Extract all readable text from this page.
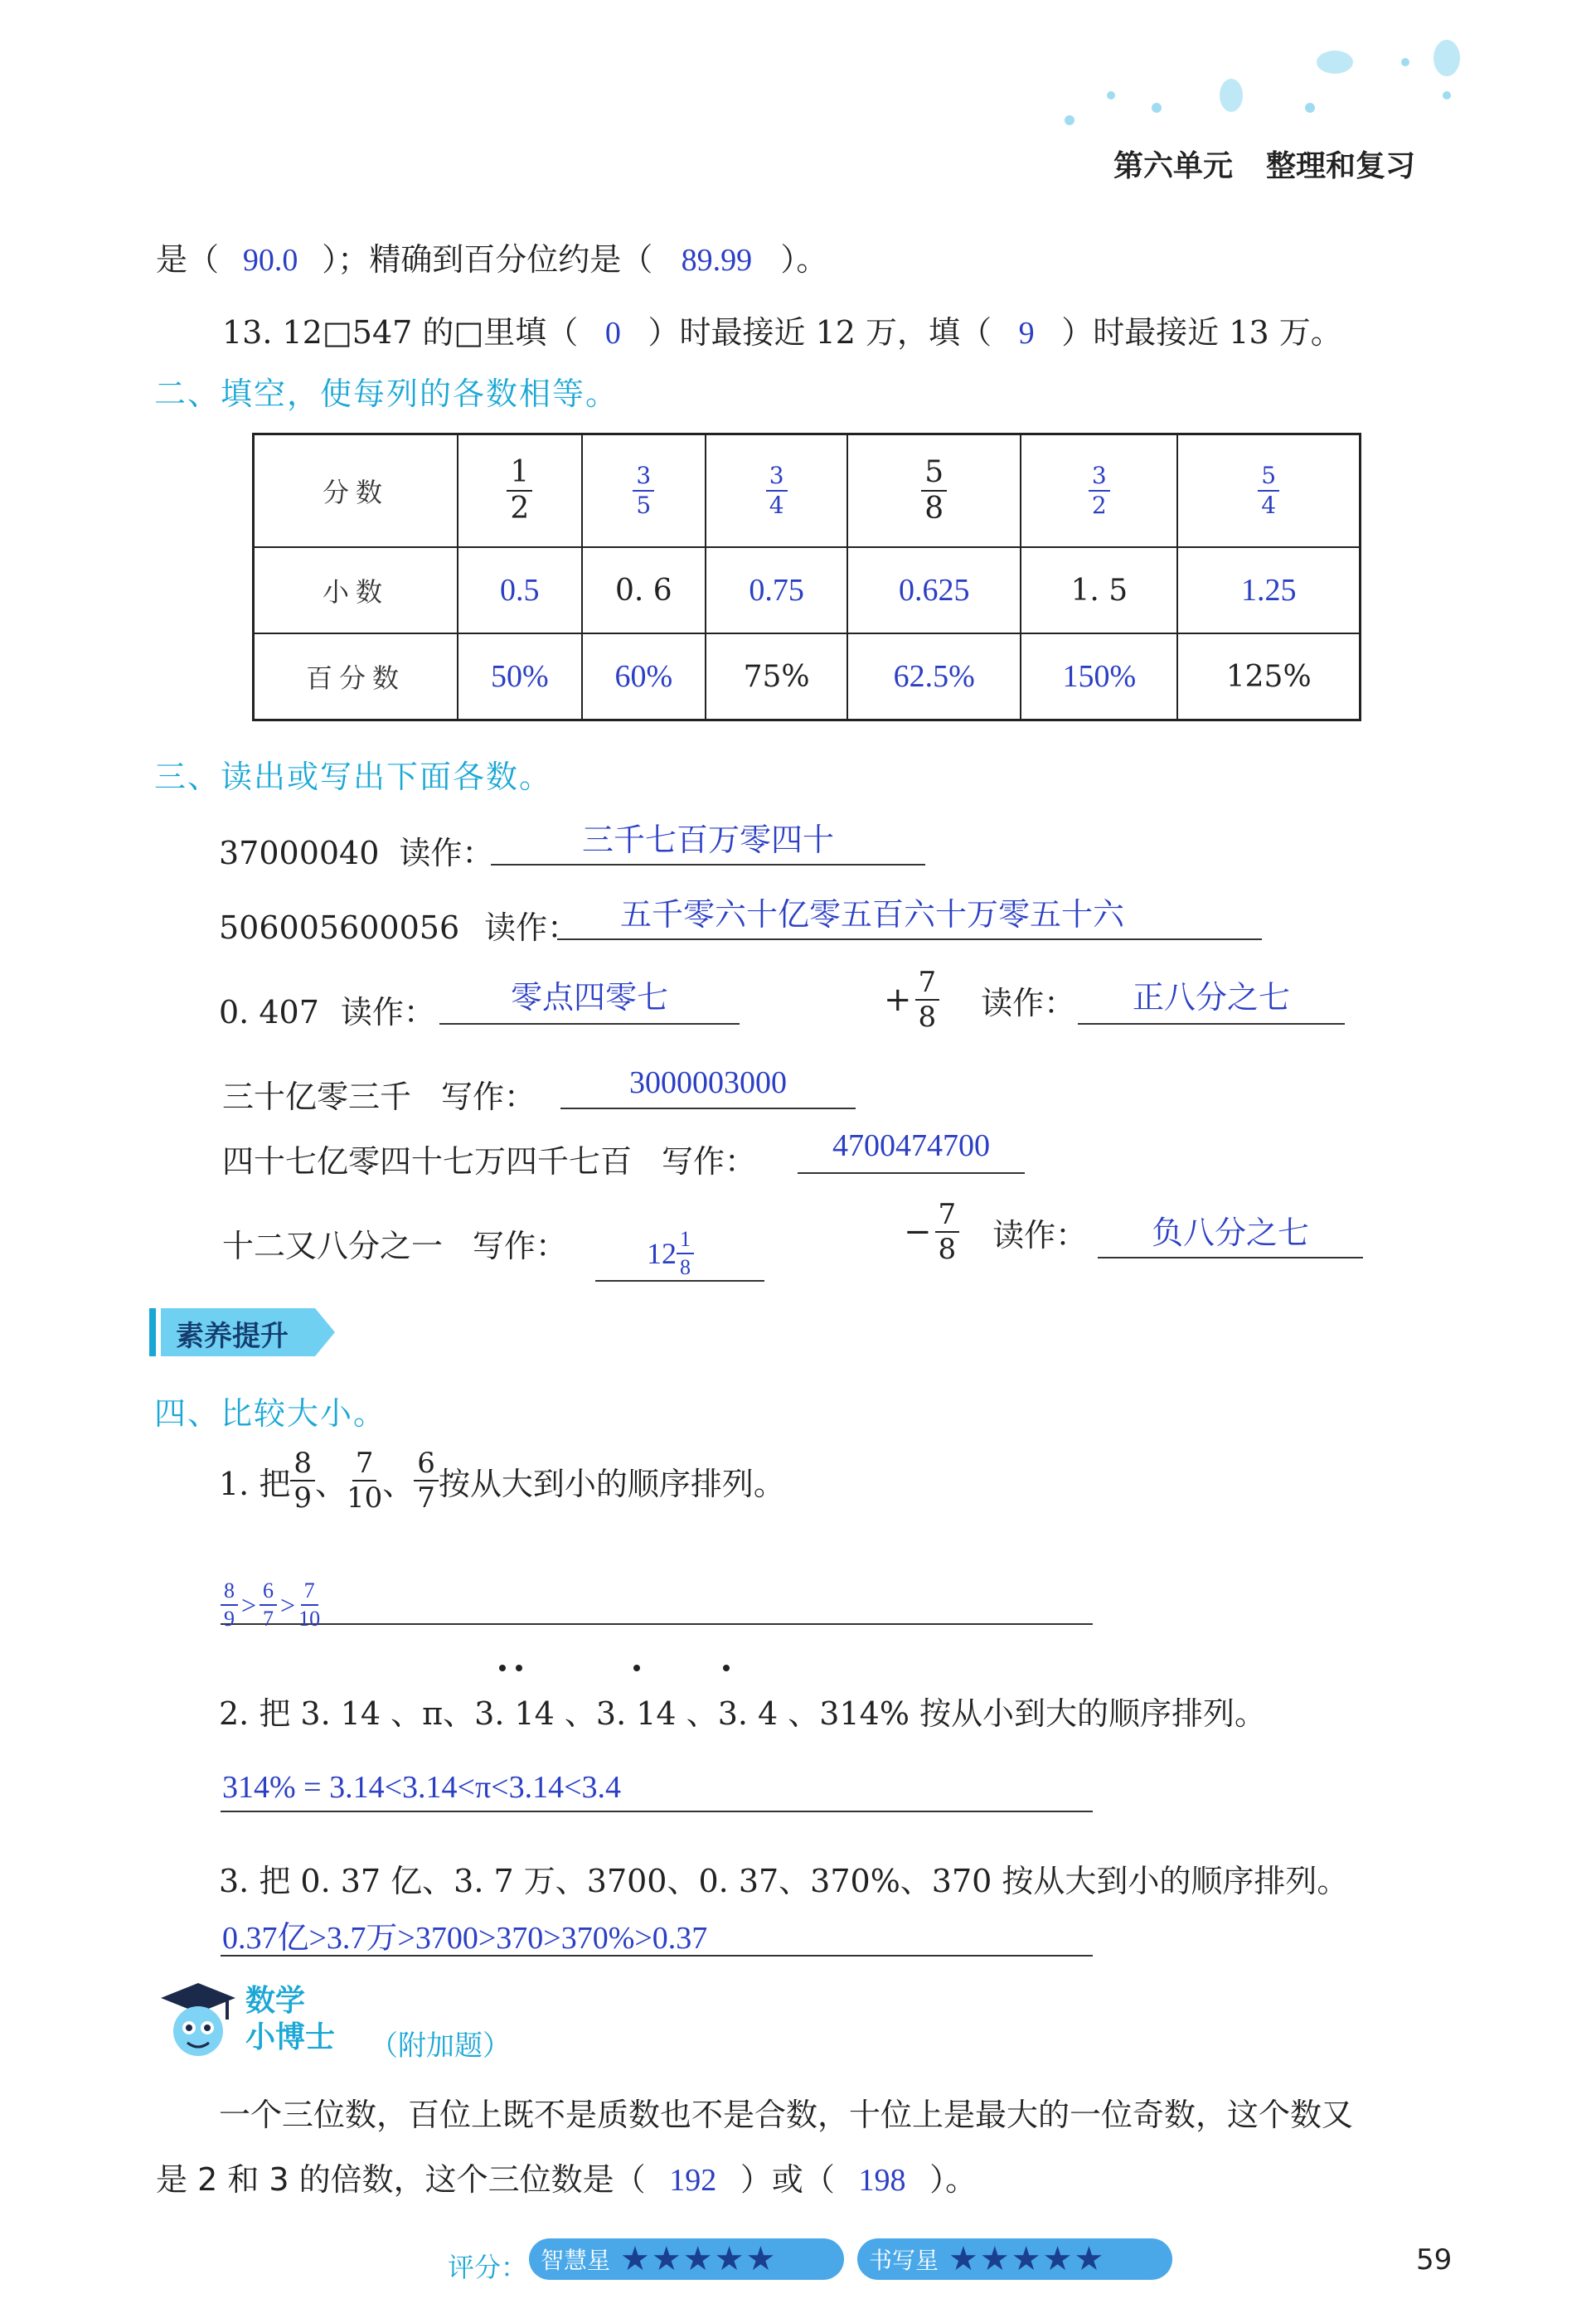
第六单元 整理和复习
是（ 90.0 ）；精确到百分位约是（ 89.99 ）。
13. 12□547 的□里填（ 0 ）时最接近 12 万，填（ 9 ）时最接近 13 万。
二、填空，使每列的各数相等。
分数	$\frac{1}{2}$	$\frac{3}{5}$	$\frac{3}{4}$	$\frac{5}{8}$	$\frac{3}{2}$	$\frac{5}{4}$

小数	0.5	0. 6	0.75	0.625	1. 5	1.25
百分数	50%	60%	75%	62.5%	150%	125%
三、读出或写出下面各数。
37000040 读作：	三千七百万零四十
506005600056 读作：	五千零六十亿零五百六十万零五十六
0. 407 读作：	零点四零七	+ $\frac{7}{8}$ 读作：	正八分之七
三十亿零三千 写作：	3000003000
四十七亿零四十七万四千七百 写作：	4700474700
十二又八分之一 写作：	$12 \frac{1}{8}$	− $\frac{7}{8}$ 读作：	负八分之七
素养提升
四、比较大小。
1. 把 $\frac{8}{9}$ 、 $\frac{7}{10}$ 、 $\frac{6}{7}$ 按从大到小的顺序排列。
$\frac{8}{9} > \frac{6}{7} > \frac{7}{10}$
2. 把 3. 14 、π、3. 14 、3. 14 、3. 4 、314% 按从小到大的顺序排列。
314% = 3.14<3.14<π<3.14<3.4
3. 把 0. 37 亿、3. 7 万、3700、0. 37、370%、370 按从大到小的顺序排列。
0.37亿>3.7万>3700>370>370%>0.37
数学
小博士 （附加题）
一个三位数，百位上既不是质数也不是合数，十位上是最大的一位奇数，这个数又
是 2 和 3 的倍数，这个三位数是（ 192 ）或（ 198 ）。
评分： 智慧星 ★★★★★	书写星 ★★★★★	59
